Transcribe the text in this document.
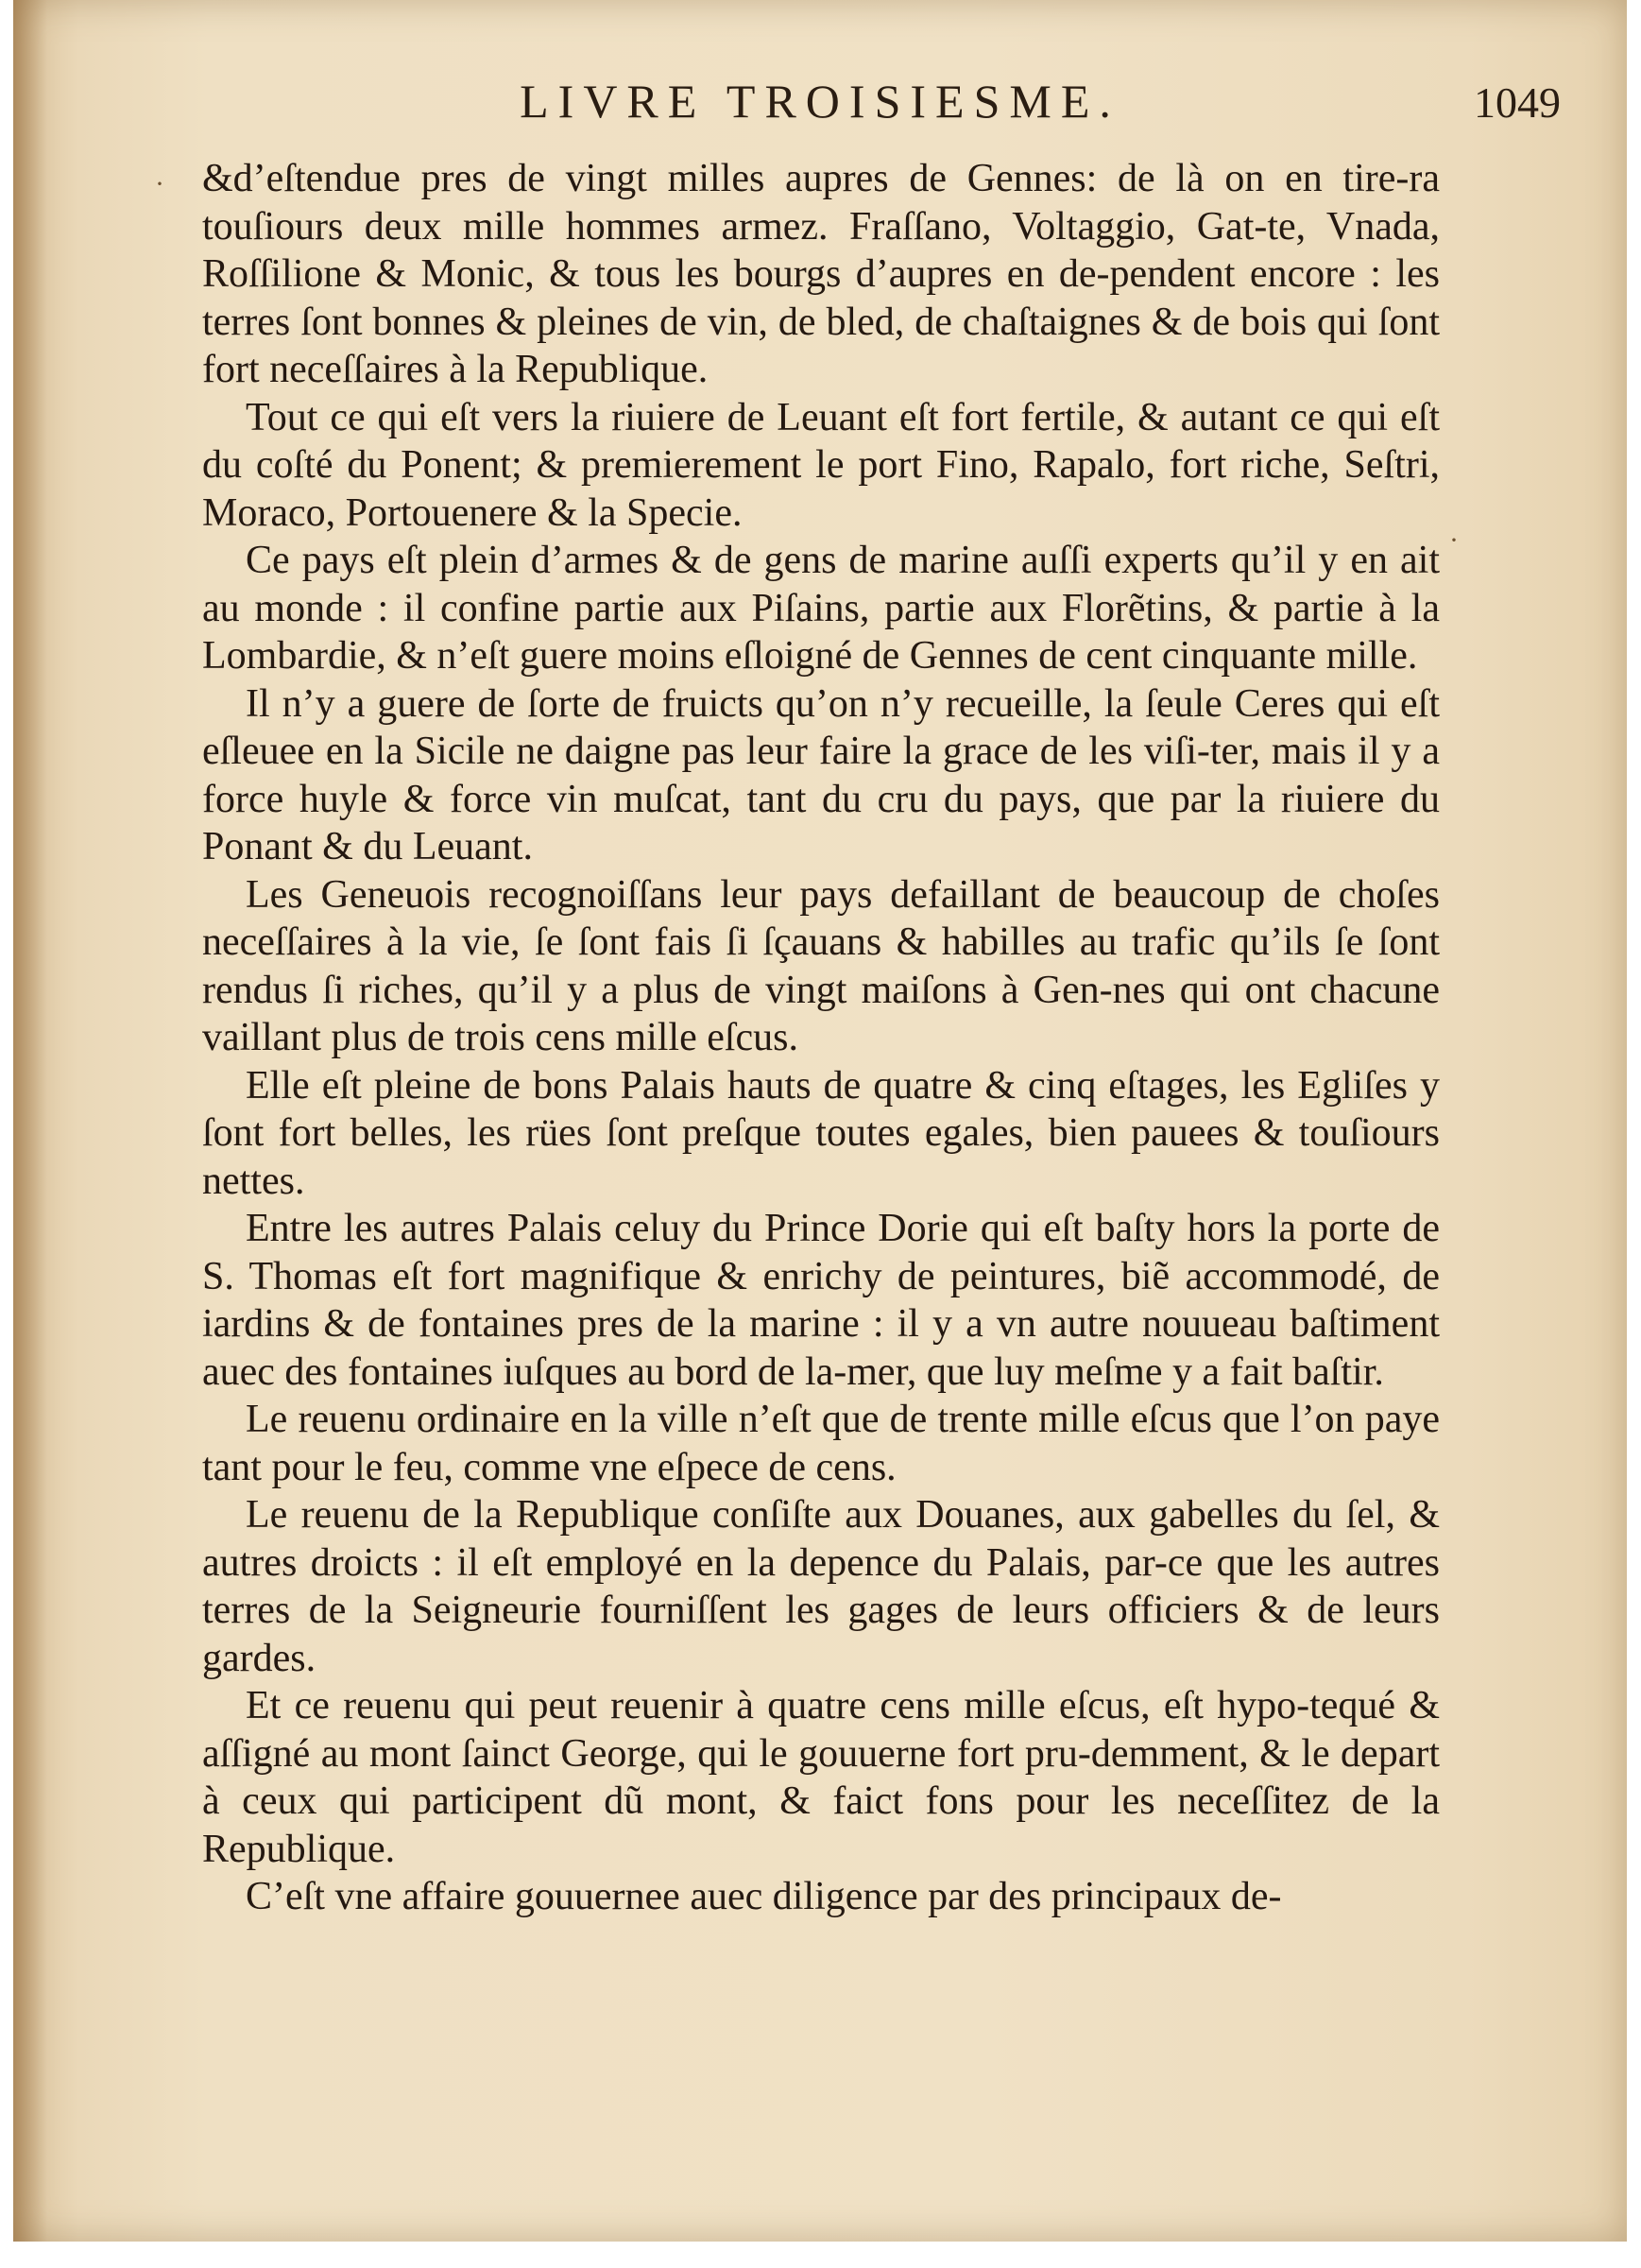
LIVRE TROISIESME.	1049
·
·

&d’eſtendue pres de vingt milles aupres de Gennes: de là on en tire-ra touſiours deux mille hommes armez. Fraſſano, Voltaggio, Gat-te, Vnada, Roſſilione & Monic, & tous les bourgs d’aupres en de-pendent encore : les terres ſont bonnes & pleines de vin, de bled, de chaſtaignes & de bois qui ſont fort neceſſaires à la Republique.

Tout ce qui eſt vers la riuiere de Leuant eſt fort fertile, & autant ce qui eſt du coſté du Ponent; & premierement le port Fino, Rapalo, fort riche, Seſtri, Moraco, Portouenere & la Specie.

Ce pays eſt plein d’armes & de gens de marine auſſi experts qu’il y en ait au monde : il confine partie aux Piſains, partie aux Florẽtins, & partie à la Lombardie, & n’eſt guere moins eſloigné de Gennes de cent cinquante mille.

Il n’y a guere de ſorte de fruicts qu’on n’y recueille, la ſeule Ceres qui eſt eſleuee en la Sicile ne daigne pas leur faire la grace de les viſi-ter, mais il y a force huyle & force vin muſcat, tant du cru du pays, que par la riuiere du Ponant & du Leuant.

Les Geneuois recognoiſſans leur pays defaillant de beaucoup de choſes neceſſaires à la vie, ſe ſont fais ſi ſçauans & habilles au trafic qu’ils ſe ſont rendus ſi riches, qu’il y a plus de vingt maiſons à Gen-nes qui ont chacune vaillant plus de trois cens mille eſcus.

Elle eſt pleine de bons Palais hauts de quatre & cinq eſtages, les Egliſes y ſont fort belles, les rües ſont preſque toutes egales, bien pauees & touſiours nettes.

Entre les autres Palais celuy du Prince Dorie qui eſt baſty hors la porte de S. Thomas eſt fort magnifique & enrichy de peintures, biẽ accommodé, de iardins & de fontaines pres de la marine : il y a vn autre nouueau baſtiment auec des fontaines iuſques au bord de la-mer, que luy meſme y a fait baſtir.

Le reuenu ordinaire en la ville n’eſt que de trente mille eſcus que l’on paye tant pour le feu, comme vne eſpece de cens.

Le reuenu de la Republique conſiſte aux Douanes, aux gabelles du ſel, & autres droicts : il eſt employé en la depence du Palais, par-ce que les autres terres de la Seigneurie fourniſſent les gages de leurs officiers & de leurs gardes.

Et ce reuenu qui peut reuenir à quatre cens mille eſcus, eſt hypo-tequé & aſſigné au mont ſainct George, qui le gouuerne fort pru-demment, & le depart à ceux qui participent dũ mont, & faict fons pour les neceſſitez de la Republique.

C’eſt vne affaire gouuernee auec diligence par des principaux de-
